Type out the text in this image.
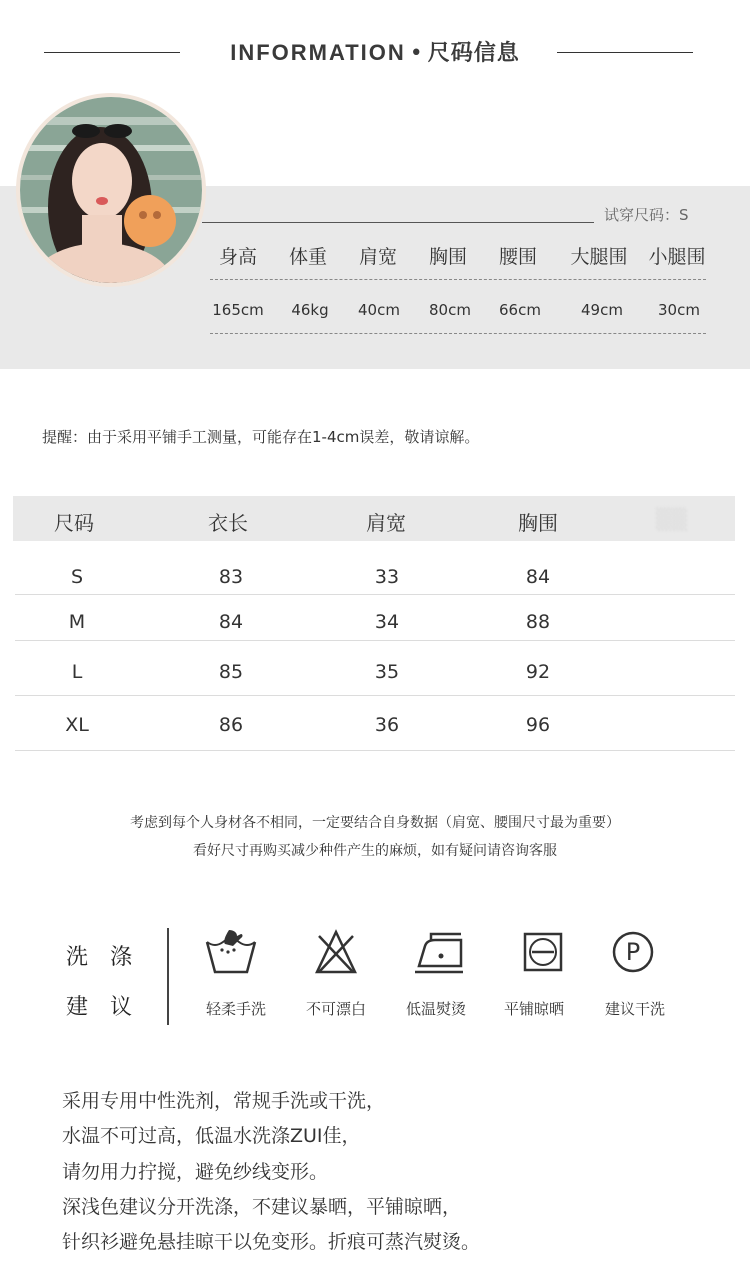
INFORMATION • 尺码信息
试穿尺码：S
身高	体重	肩宽	胸围	腰围	大腿围	小腿围
165cm	46kg	40cm	80cm	66cm	49cm	30cm
提醒：由于采用平铺手工测量，可能存在1-4cm误差，敬请谅解。
尺码	衣长	肩宽	胸围	▒▒
S	83	33	84
M	84	34	88
L	85	35	92
XL	86	36	96
考虑到每个人身材各不相同，一定要结合自身数据（肩宽、腰围尺寸最为重要）
看好尺寸再购买减少种件产生的麻烦，如有疑问请咨询客服
洗涤
建议	轻柔手洗	不可漂白	低温熨烫	平铺晾晒
P
建议干洗
采用专用中性洗剂，常规手洗或干洗，
水温不可过高，低温水洗涤ZUI佳，
请勿用力拧搅，避免纱线变形。
深浅色建议分开洗涤，不建议暴晒，平铺晾晒，
针织衫避免悬挂晾干以免变形。折痕可蒸汽熨烫。
